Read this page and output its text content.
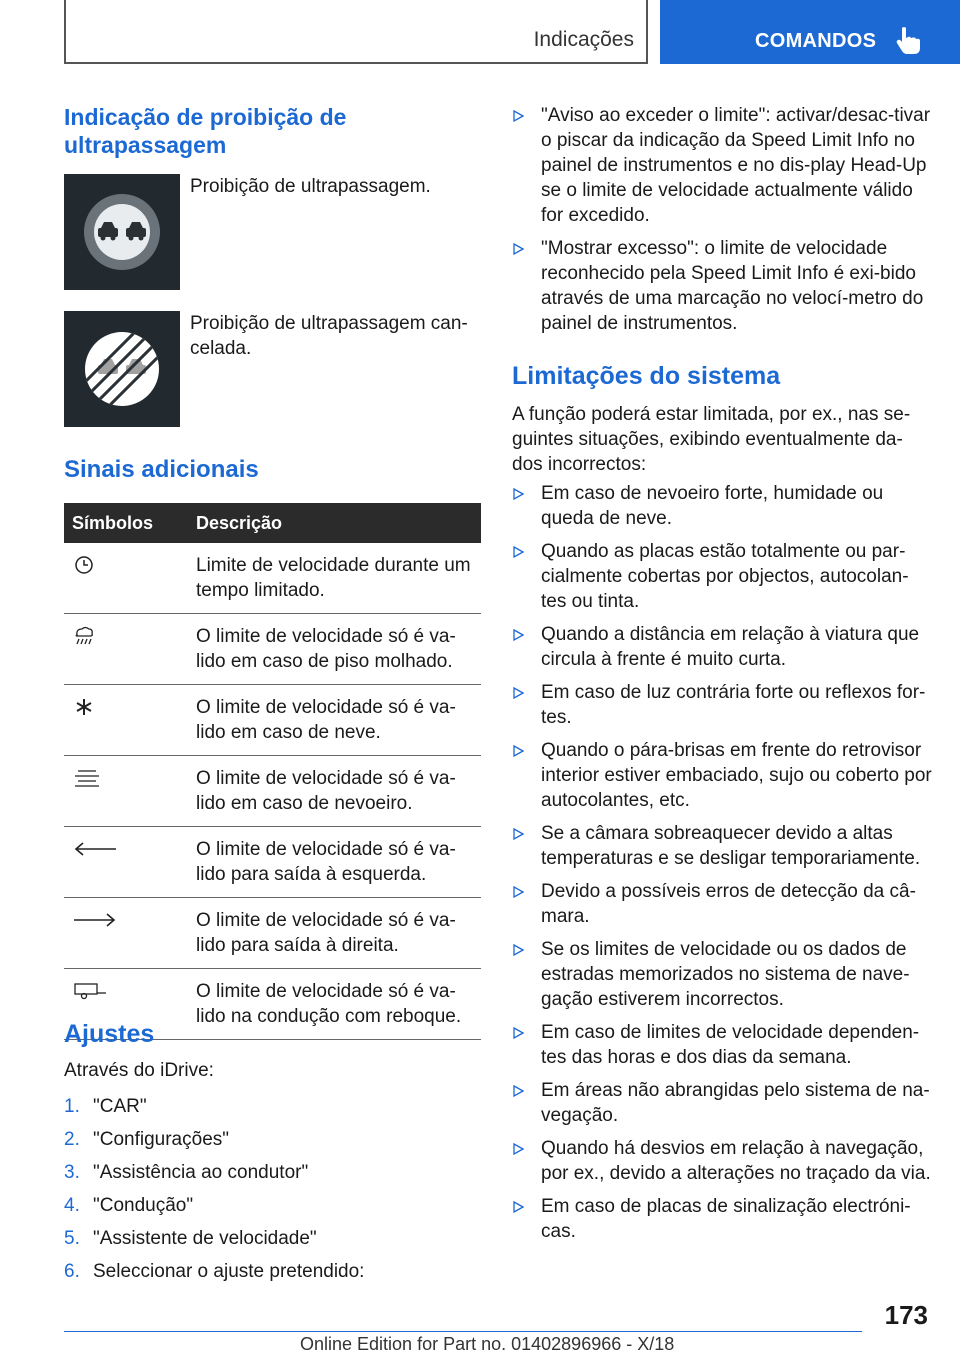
Indicações	COMANDOS
Indicação de proibição de ultrapassagem
Proibição de ultrapassagem.
Proibição de ultrapassagem can-celada.
Sinais adicionais
Símbolos	Descrição

	Limite de velocidade durante um tempo limitado.

	O limite de velocidade só é va-lido em caso de piso molhado.

	O limite de velocidade só é va-lido em caso de neve.

	O limite de velocidade só é va-lido em caso de nevoeiro.

	O limite de velocidade só é va-lido para saída à esquerda.

	O limite de velocidade só é va-lido para saída à direita.

	O limite de velocidade só é va-lido na condução com reboque.
Ajustes
Através do iDrive:
1. "CAR"
2. "Configurações"
3. "Assistência ao condutor"
4. "Condução"
5. "Assistente de velocidade"
6. Seleccionar o ajuste pretendido:
"Aviso ao exceder o limite": activar/desac-tivar o piscar da indicação da Speed Limit Info no painel de instrumentos e no dis-play Head-Up se o limite de velocidade actualmente válido for excedido.
"Mostrar excesso": o limite de velocidade reconhecido pela Speed Limit Info é exi-bido através de uma marcação no velocí-metro do painel de instrumentos.
Limitações do sistema
A função poderá estar limitada, por ex., nas se-guintes situações, exibindo eventualmente da-dos incorrectos:
Em caso de nevoeiro forte, humidade ou queda de neve.
Quando as placas estão totalmente ou par-cialmente cobertas por objectos, autocolan-tes ou tinta.
Quando a distância em relação à viatura que circula à frente é muito curta.
Em caso de luz contrária forte ou reflexos for-tes.
Quando o pára-brisas em frente do retrovisor interior estiver embaciado, sujo ou coberto por autocolantes, etc.
Se a câmara sobreaquecer devido a altas temperaturas e se desligar temporariamente.
Devido a possíveis erros de detecção da câ-mara.
Se os limites de velocidade ou os dados de estradas memorizados no sistema de nave-gação estiverem incorrectos.
Em caso de limites de velocidade dependen-tes das horas e dos dias da semana.
Em áreas não abrangidas pelo sistema de na-vegação.
Quando há desvios em relação à navegação, por ex., devido a alterações no traçado da via.
Em caso de placas de sinalização electróni-cas.
173
Online Edition for Part no. 01402896966 - X/18
